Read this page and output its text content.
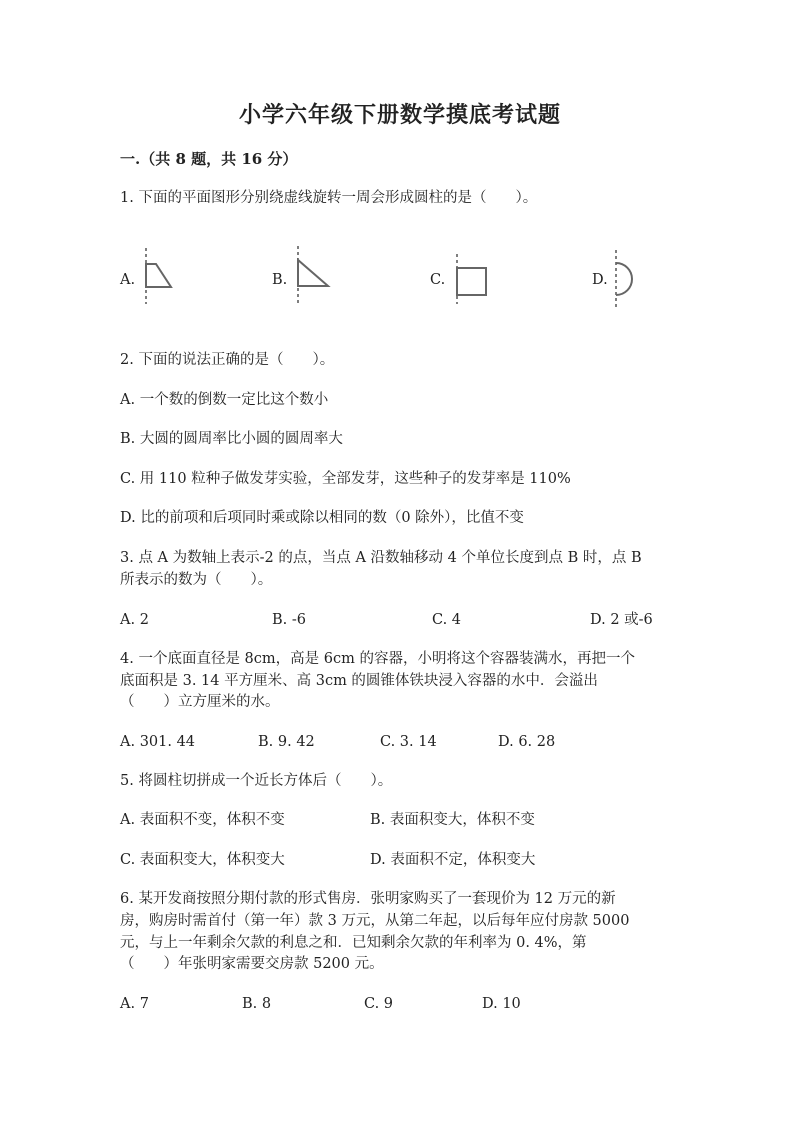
小学六年级下册数学摸底考试题
一.（共 8 题，共 16 分）
1. 下面的平面图形分别绕虚线旋转一周会形成圆柱的是（　　）。
A.	B.	C.	D.
2. 下面的说法正确的是（　　）。
A. 一个数的倒数一定比这个数小
B. 大圆的圆周率比小圆的圆周率大
C. 用 110 粒种子做发芽实验，全部发芽，这些种子的发芽率是 110%
D. 比的前项和后项同时乘或除以相同的数（0 除外），比值不变
3. 点 A 为数轴上表示-2 的点，当点 A 沿数轴移动 4 个单位长度到点 B 时，点 B
所表示的数为（　　）。
A. 2	B. -6	C. 4	D. 2 或-6
4. 一个底面直径是 8cm，高是 6cm 的容器，小明将这个容器装满水，再把一个
底面积是 3. 14 平方厘米、高 3cm 的圆锥体铁块浸入容器的水中．会溢出
（　　）立方厘米的水。
A. 301. 44	B. 9. 42	C. 3. 14	D. 6. 28
5. 将圆柱切拼成一个近长方体后（　　）。
A. 表面积不变，体积不变	B. 表面积变大，体积不变
C. 表面积变大，体积变大	D. 表面积不定，体积变大
6. 某开发商按照分期付款的形式售房．张明家购买了一套现价为 12 万元的新
房，购房时需首付（第一年）款 3 万元，从第二年起，以后每年应付房款 5000
元，与上一年剩余欠款的利息之和．已知剩余欠款的年利率为 0. 4%，第
（　　）年张明家需要交房款 5200 元。
A. 7	B. 8	C. 9	D. 10
